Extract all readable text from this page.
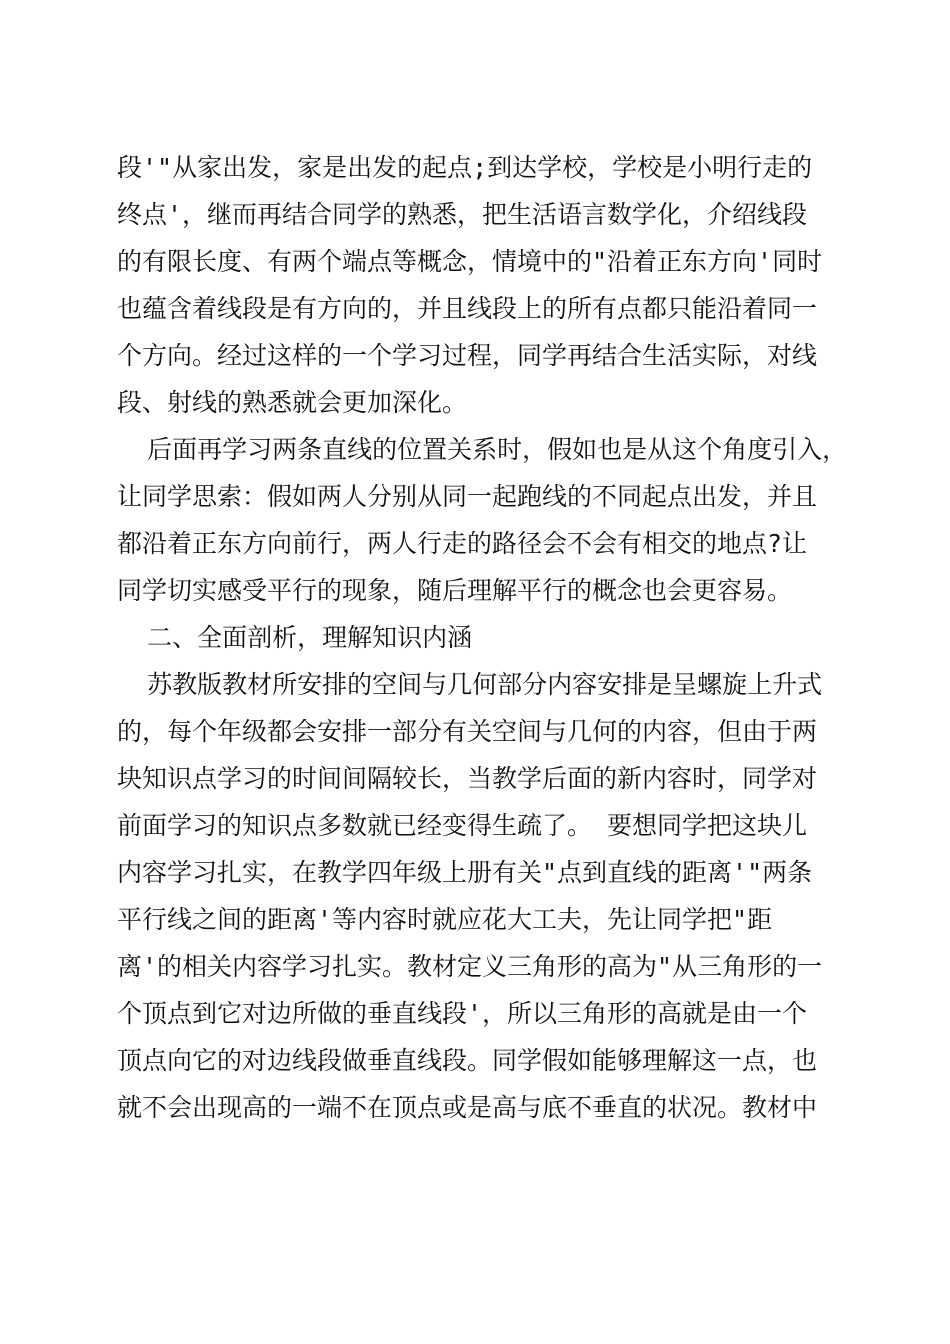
段'"从家出发，家是出发的起点;到达学校，学校是小明行走的
终点'，继而再结合同学的熟悉，把生活语言数学化，介绍线段
的有限长度、有两个端点等概念，情境中的"沿着正东方向'同时
也蕴含着线段是有方向的，并且线段上的所有点都只能沿着同一
个方向。经过这样的一个学习过程，同学再结合生活实际，对线
段、射线的熟悉就会更加深化。
后面再学习两条直线的位置关系时，假如也是从这个角度引入，
让同学思索：假如两人分别从同一起跑线的不同起点出发，并且
都沿着正东方向前行，两人行走的路径会不会有相交的地点?让
同学切实感受平行的现象，随后理解平行的概念也会更容易。
二、全面剖析，理解知识内涵
苏教版教材所安排的空间与几何部分内容安排是呈螺旋上升式
的，每个年级都会安排一部分有关空间与几何的内容，但由于两
块知识点学习的时间间隔较长，当教学后面的新内容时，同学对
前面学习的知识点多数就已经变得生疏了。 要想同学把这块儿
内容学习扎实，在教学四年级上册有关"点到直线的距离'"两条
平行线之间的距离'等内容时就应花大工夫，先让同学把"距
离'的相关内容学习扎实。教材定义三角形的高为"从三角形的一
个顶点到它对边所做的垂直线段'，所以三角形的高就是由一个
顶点向它的对边线段做垂直线段。同学假如能够理解这一点，也
就不会出现高的一端不在顶点或是高与底不垂直的状况。教材中
